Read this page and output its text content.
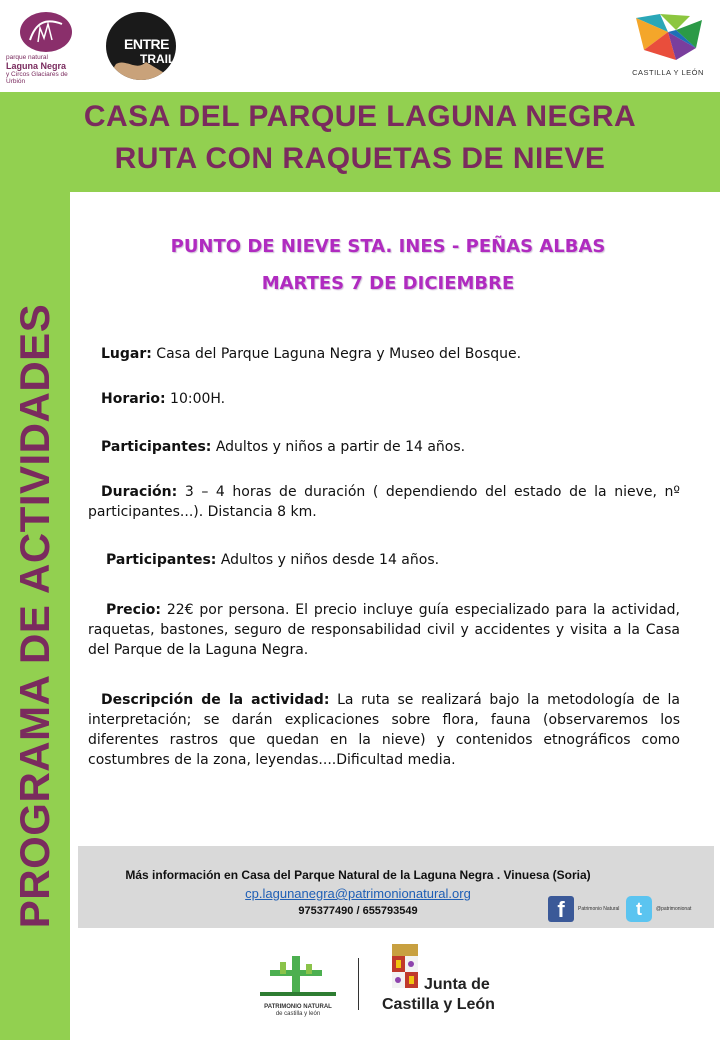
parque natural
Laguna Negra
y Circos Glaciares de Urbión
ENTRE
TRAIL
CASTILLA Y LEÓN
CASA DEL PARQUE LAGUNA NEGRA
RUTA CON RAQUETAS DE NIEVE
PROGRAMA DE ACTIVIDADES
PUNTO DE NIEVE STA. INES - PEÑAS ALBAS
MARTES 7 DE DICIEMBRE
Lugar: Casa del Parque Laguna Negra y Museo del Bosque.
Horario: 10:00H.
Participantes: Adultos y niños a partir de 14 años.
Duración: 3 – 4 horas de duración ( dependiendo del estado de la nieve, nº participantes...). Distancia 8 km.
Participantes: Adultos y niños desde 14 años.
Precio: 22€ por persona. El precio incluye guía especializado para la actividad, raquetas, bastones, seguro de responsabilidad civil y accidentes y visita a la Casa del Parque de la Laguna Negra.
Descripción de la actividad: La ruta se realizará bajo la metodología de la interpretación; se darán explicaciones sobre flora, fauna (observaremos los diferentes rastros que quedan en la nieve) y contenidos etnográficos como costumbres de la zona, leyendas....Dificultad media.
Más información en Casa del Parque Natural de la Laguna Negra . Vinuesa (Soria)
cp.lagunanegra@patrimonionatural.org
975377490 / 655793549	f	Patrimonio Natural t	@patrimonionat
PATRIMONIO NATURAL
de castilla y león
Junta de
Castilla y León
